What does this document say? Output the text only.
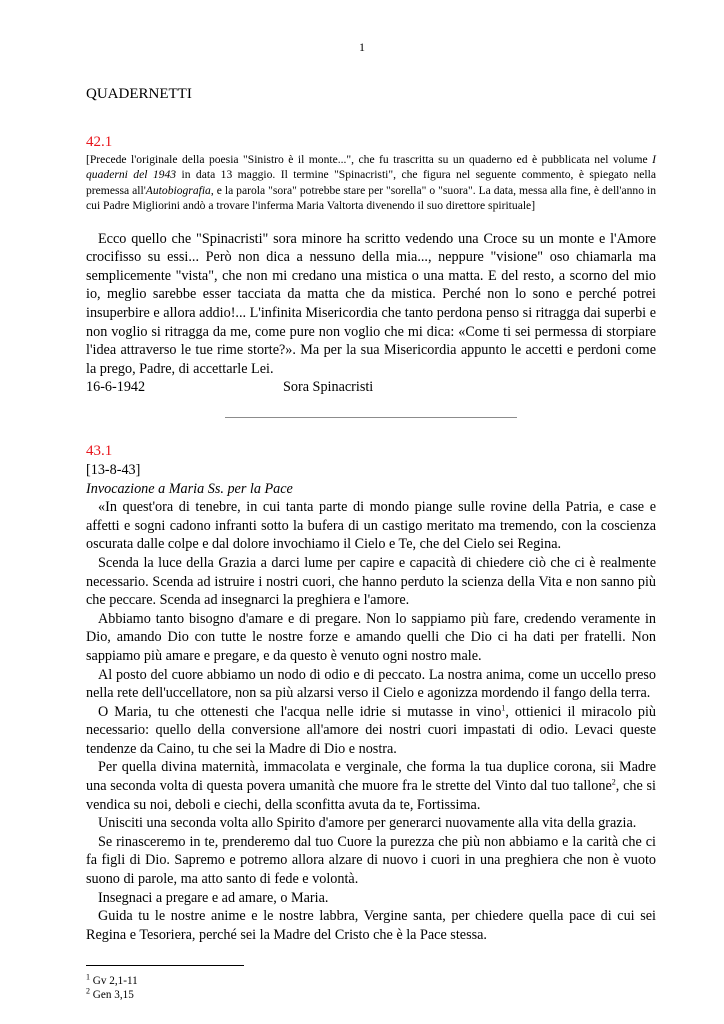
1
QUADERNETTI
42.1
[Precede l'originale della poesia "Sinistro è il monte...", che fu trascritta su un quaderno ed è pubblicata nel volume I quaderni del 1943 in data 13 maggio. Il termine "Spinacristi", che figura nel seguente commento, è spiegato nella premessa all'Autobiografia, e la parola "sora" potrebbe stare per "sorella" o "suora". La data, messa alla fine, è dell'anno in cui Padre Migliorini andò a trovare l'inferma Maria Valtorta divenendo il suo direttore spirituale]

Ecco quello che "Spinacristi" sora minore ha scritto vedendo una Croce su un monte e l'Amore crocifisso su essi... Però non dica a nessuno della mia..., neppure "visione" oso chiamarla ma semplicemente "vista", che non mi credano una mistica o una matta. E del resto, a scorno del mio io, meglio sarebbe esser tacciata da matta che da mistica. Perché non lo sono e perché potrei insuperbire e allora addio!... L'infinita Misericordia che tanto perdona penso si ritragga dai superbi e non voglio si ritragga da me, come pure non voglio che mi dica: «Come ti sei permessa di storpiare l'idea attraverso le tue rime storte?». Ma per la sua Misericordia appunto le accetti e perdoni come la prego, Padre, di accettarle Lei.

16-6-1942	Sora Spinacristi
43.1

[13-8-43]

Invocazione a Maria Ss. per la Pace

«In quest'ora di tenebre, in cui tanta parte di mondo piange sulle rovine della Patria, e case e affetti e sogni cadono infranti sotto la bufera di un castigo meritato ma tremendo, con la coscienza oscurata dalle colpe e dal dolore invochiamo il Cielo e Te, che del Cielo sei Regina.

Scenda la luce della Grazia a darci lume per capire e capacità di chiedere ciò che ci è realmente necessario. Scenda ad istruire i nostri cuori, che hanno perduto la scienza della Vita e non sanno più che peccare. Scenda ad insegnarci la preghiera e l'amore.

Abbiamo tanto bisogno d'amare e di pregare. Non lo sappiamo più fare, credendo veramente in Dio, amando Dio con tutte le nostre forze e amando quelli che Dio ci ha dati per fratelli. Non sappiamo più amare e pregare, e da questo è venuto ogni nostro male.

Al posto del cuore abbiamo un nodo di odio e di peccato. La nostra anima, come un uccello preso nella rete dell'uccellatore, non sa più alzarsi verso il Cielo e agonizza mordendo il fango della terra.

O Maria, tu che ottenesti che l'acqua nelle idrie si mutasse in vino$^1$, ottienici il miracolo più necessario: quello della conversione all'amore dei nostri cuori impastati di odio. Levaci queste tendenze da Caino, tu che sei la Madre di Dio e nostra.

Per quella divina maternità, immacolata e verginale, che forma la tua duplice corona, sii Madre una seconda volta di questa povera umanità che muore fra le strette del Vinto dal tuo tallone$^2$, che si vendica su noi, deboli e ciechi, della sconfitta avuta da te, Fortissima.

Unisciti una seconda volta allo Spirito d'amore per generarci nuovamente alla vita della grazia.

Se rinasceremo in te, prenderemo dal tuo Cuore la purezza che più non abbiamo e la carità che ci fa figli di Dio. Sapremo e potremo allora alzare di nuovo i cuori in una preghiera che non è vuoto suono di parole, ma atto santo di fede e volontà.

Insegnaci a pregare e ad amare, o Maria.

Guida tu le nostre anime e le nostre labbra, Vergine santa, per chiedere quella pace di cui sei Regina e Tesoriera, perché sei la Madre del Cristo che è la Pace stessa.

$^1$ Gv 2,1-11
$^2$ Gen 3,15
